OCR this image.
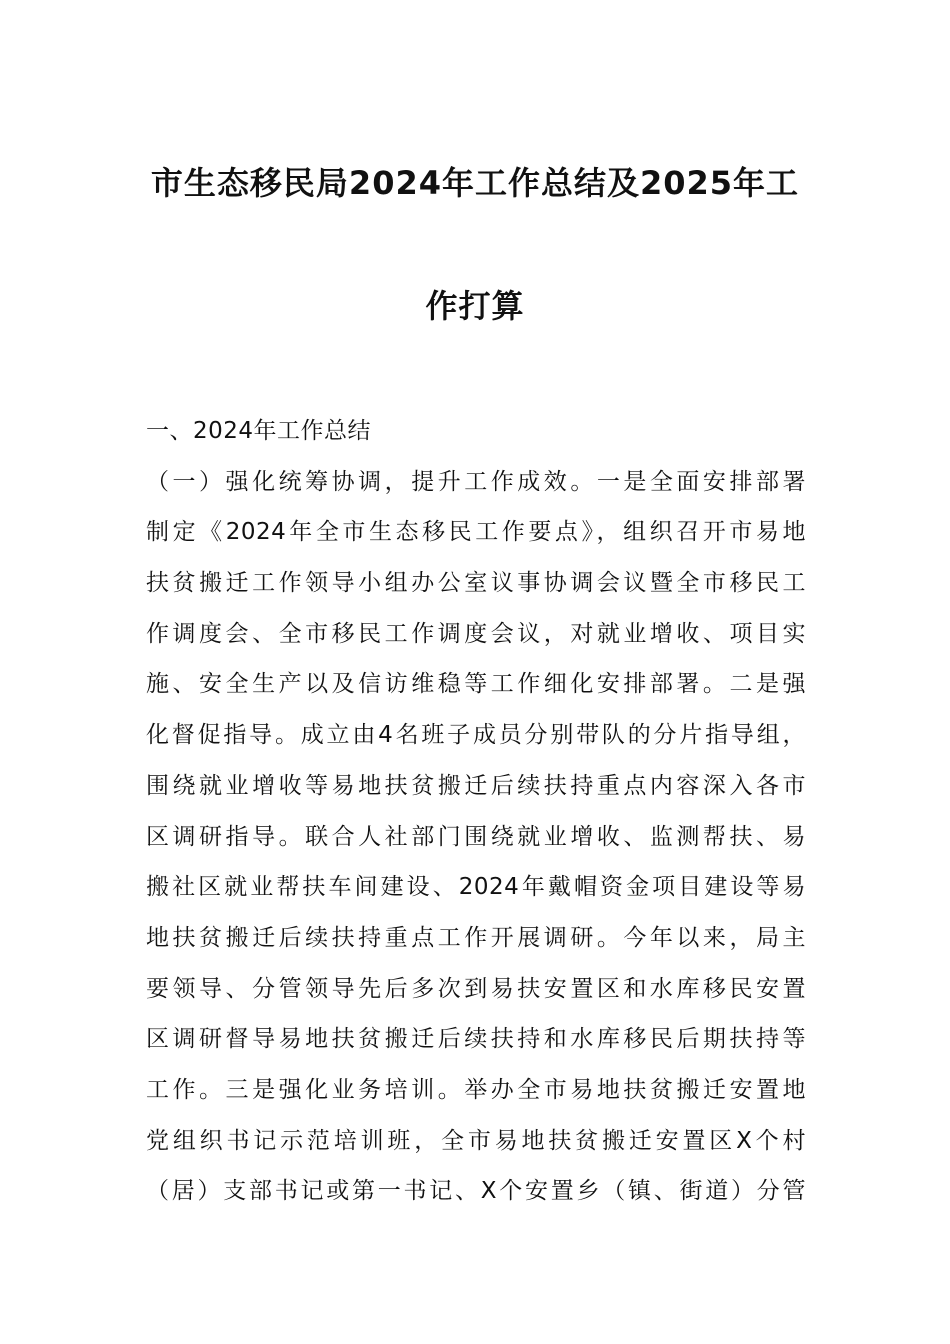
市生态移民局2024年工作总结及2025年工
作打算
一、2024年工作总结
（一）强化统筹协调，提升工作成效。一是全面安排部署
制定《2024年全市生态移民工作要点》，组织召开市易地
扶贫搬迁工作领导小组办公室议事协调会议暨全市移民工
作调度会、全市移民工作调度会议，对就业增收、项目实
施、安全生产以及信访维稳等工作细化安排部署。二是强
化督促指导。成立由4名班子成员分别带队的分片指导组，
围绕就业增收等易地扶贫搬迁后续扶持重点内容深入各市
区调研指导。联合人社部门围绕就业增收、监测帮扶、易
搬社区就业帮扶车间建设、2024年戴帽资金项目建设等易
地扶贫搬迁后续扶持重点工作开展调研。今年以来，局主
要领导、分管领导先后多次到易扶安置区和水库移民安置
区调研督导易地扶贫搬迁后续扶持和水库移民后期扶持等
工作。三是强化业务培训。举办全市易地扶贫搬迁安置地
党组织书记示范培训班，全市易地扶贫搬迁安置区X个村
（居）支部书记或第一书记、X个安置乡（镇、街道）分管
